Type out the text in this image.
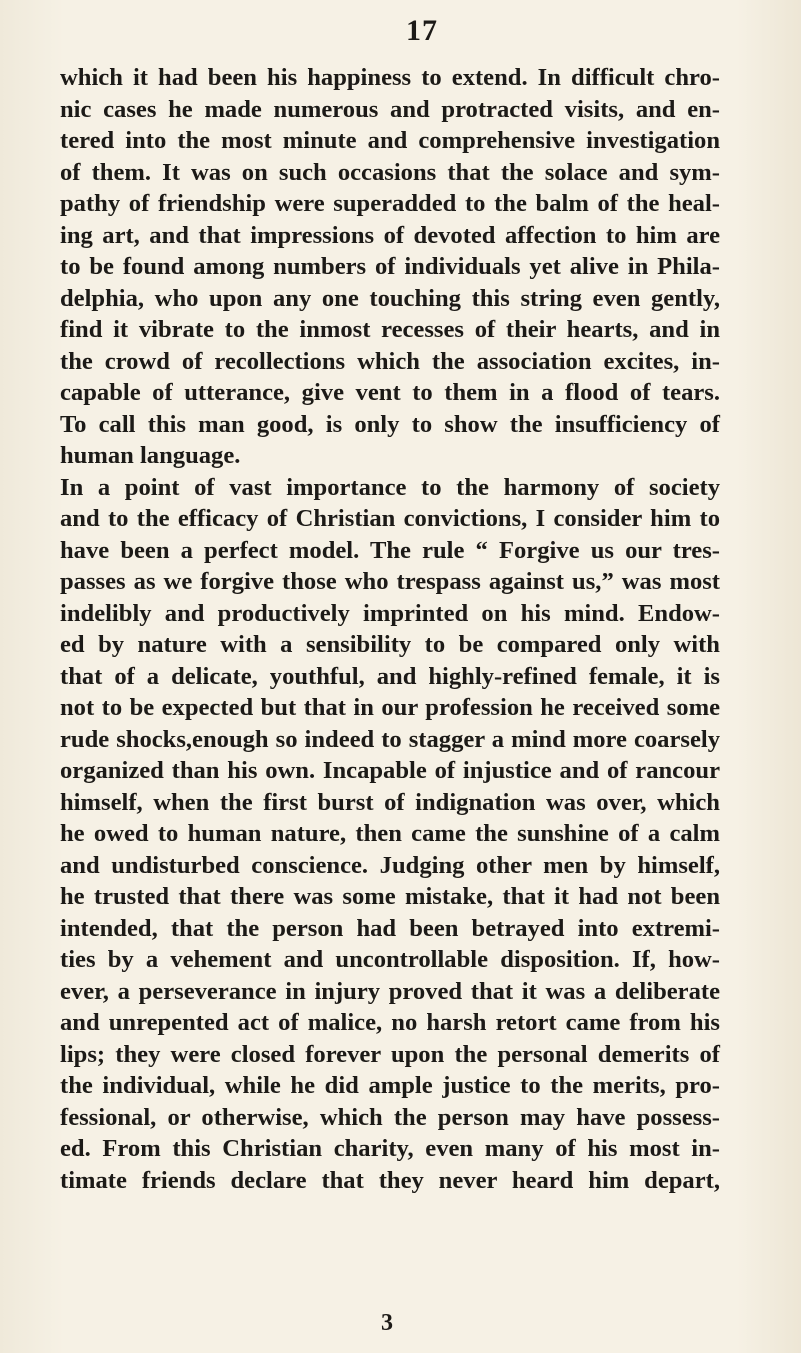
17
which it had been his happiness to extend. In difficult chro-
nic cases he made numerous and protracted visits, and en-
tered into the most minute and comprehensive investigation
of them. It was on such occasions that the solace and sym-
pathy of friendship were superadded to the balm of the heal-
ing art, and that impressions of devoted affection to him are
to be found among numbers of individuals yet alive in Phila-
delphia, who upon any one touching this string even gently,
find it vibrate to the inmost recesses of their hearts, and in
the crowd of recollections which the association excites, in-
capable of utterance, give vent to them in a flood of tears.
To call this man good, is only to show the insufficiency of
human language.
In a point of vast importance to the harmony of society
and to the efficacy of Christian convictions, I consider him to
have been a perfect model. The rule “ Forgive us our tres-
passes as we forgive those who trespass against us,” was most
indelibly and productively imprinted on his mind. Endow-
ed by nature with a sensibility to be compared only with
that of a delicate, youthful, and highly-refined female, it is
not to be expected but that in our profession he received some
rude shocks,enough so indeed to stagger a mind more coarsely
organized than his own. Incapable of injustice and of rancour
himself, when the first burst of indignation was over, which
he owed to human nature, then came the sunshine of a calm
and undisturbed conscience. Judging other men by himself,
he trusted that there was some mistake, that it had not been
intended, that the person had been betrayed into extremi-
ties by a vehement and uncontrollable disposition. If, how-
ever, a perseverance in injury proved that it was a deliberate
and unrepented act of malice, no harsh retort came from his
lips; they were closed forever upon the personal demerits of
the individual, while he did ample justice to the merits, pro-
fessional, or otherwise, which the person may have possess-
ed. From this Christian charity, even many of his most in-
timate friends declare that they never heard him depart,
3
